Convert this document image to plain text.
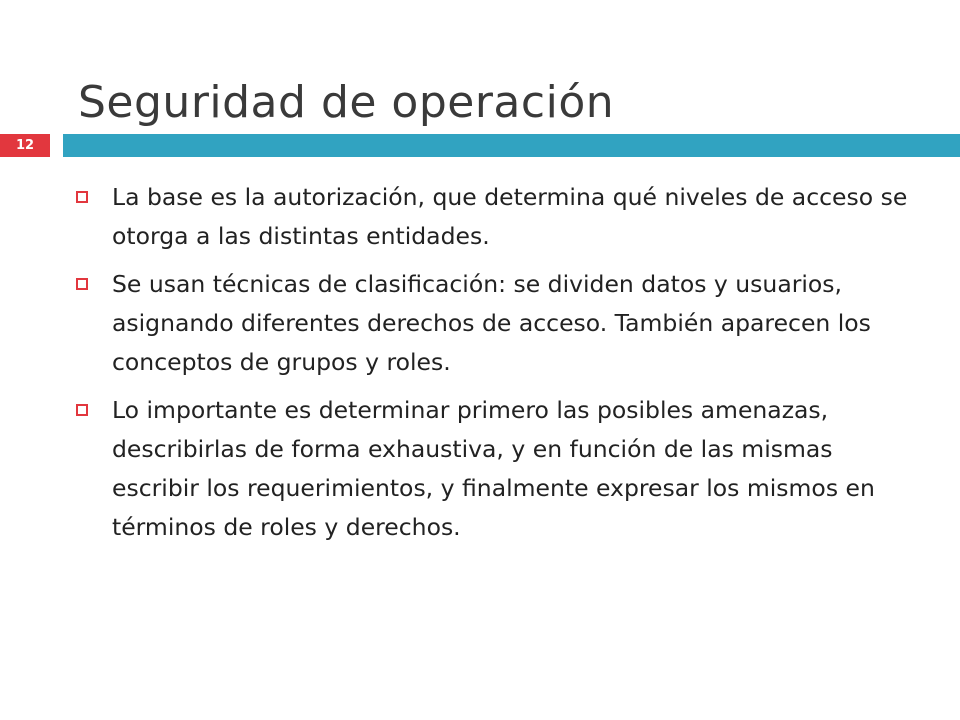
Seguridad de operación
12
La base es la autorización, que determina qué niveles de acceso se otorga a las distintas entidades.
Se usan técnicas de clasificación: se dividen datos y usuarios, asignando diferentes derechos de acceso. También aparecen los conceptos de grupos y roles.
Lo importante es determinar primero las posibles amenazas, describirlas de forma exhaustiva, y en función de las mismas escribir los requerimientos, y finalmente expresar los mismos en términos de roles y derechos.
